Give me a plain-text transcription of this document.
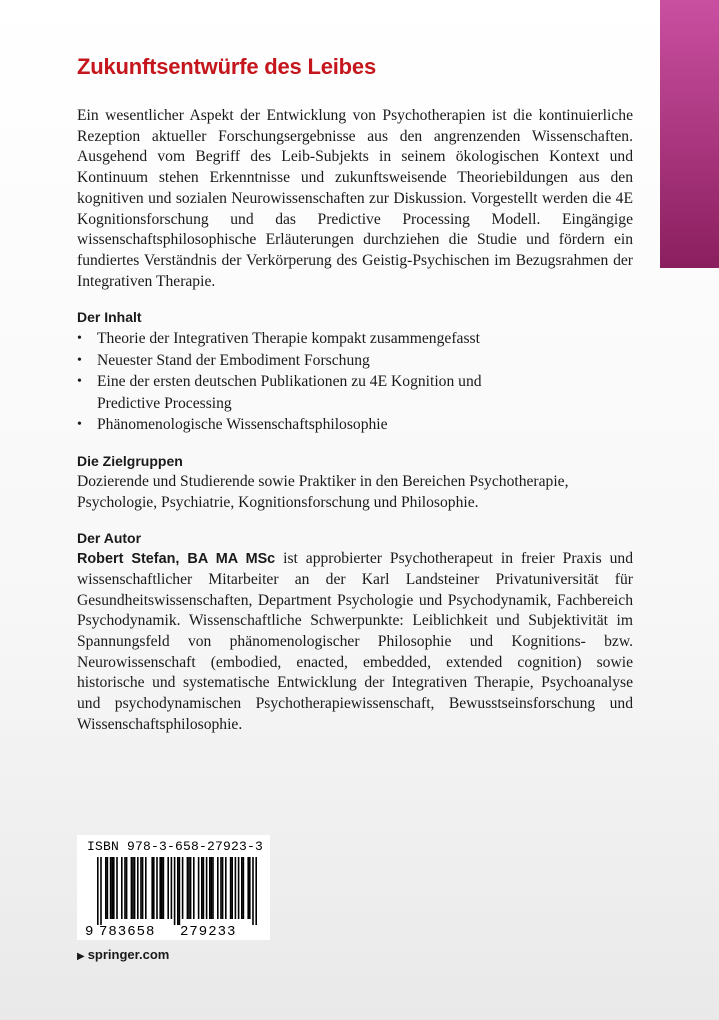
Zukunftsentwürfe des Leibes

Ein wesentlicher Aspekt der Entwicklung von Psychotherapien ist die kontinuierliche Rezeption aktueller Forschungsergebnisse aus den angrenzenden Wissenschaften. Ausgehend vom Begriff des Leib-Subjekts in seinem ökologischen Kontext und Kontinuum stehen Erkenntnisse und zukunftsweisende Theoriebildungen aus den kognitiven und sozialen Neurowissenschaften zur Diskussion. Vorgestellt werden die 4E Kognitionsforschung und das Predictive Processing Modell. Eingängige wissenschaftsphilosophische Erläuterungen durchziehen die Studie und fördern ein fundiertes Verständnis der Verkörperung des Geistig-Psychischen im Bezugsrahmen der Integrativen Therapie.

Der Inhalt
• Theorie der Integrativen Therapie kompakt zusammengefasst
• Neuester Stand der Embodiment Forschung
• Eine der ersten deutschen Publikationen zu 4E Kognition und Predictive Processing
• Phänomenologische Wissenschaftsphilosophie
Die Zielgruppen

Dozierende und Studierende sowie Praktiker in den Bereichen Psychotherapie, Psychologie, Psychiatrie, Kognitionsforschung und Philosophie.

Der Autor

Robert Stefan, BA MA MSc ist approbierter Psychotherapeut in freier Praxis und wissenschaftlicher Mitarbeiter an der Karl Landsteiner Privatuniversität für Gesundheitswissenschaften, Department Psychologie und Psychodynamik, Fachbereich Psychodynamik. Wissenschaftliche Schwerpunkte: Leiblichkeit und Subjektivität im Spannungsfeld von phänomenologischer Philosophie und Kognitions- bzw. Neurowissenschaft (embodied, enacted, embedded, extended cognition) sowie historische und systematische Entwicklung der Integrativen Therapie, Psychoanalyse und psychodynamischen Psychotherapiewissenschaft, Bewusstseinsforschung und Wissenschaftsphilosophie.

ISBN 978-3-658-27923-3
9 783658 279233
▶ springer.com
